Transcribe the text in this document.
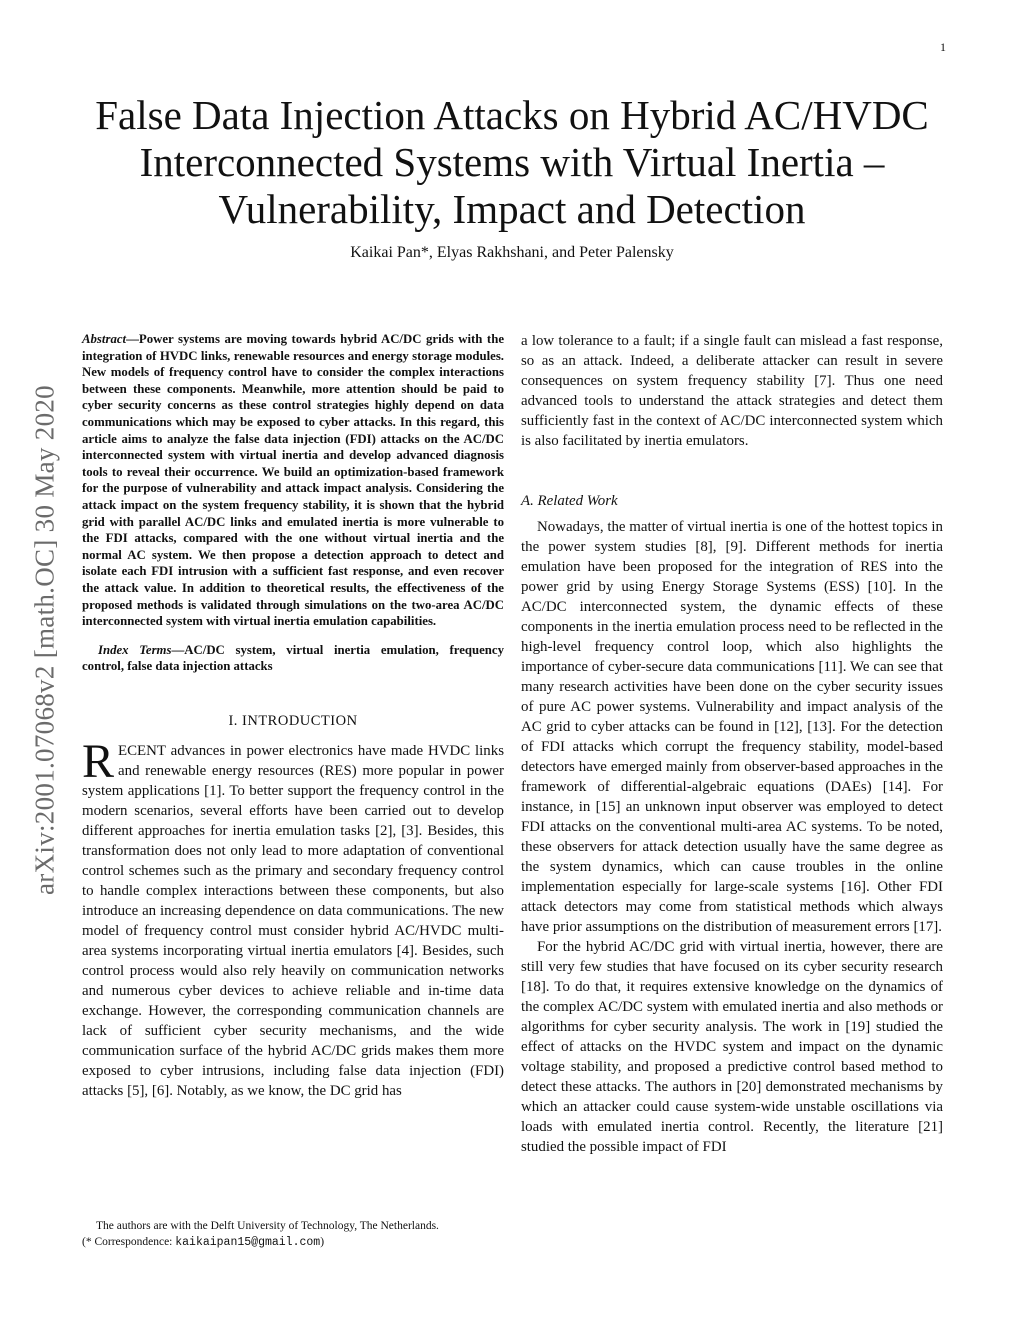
1
arXiv:2001.07068v2 [math.OC] 30 May 2020
False Data Injection Attacks on Hybrid AC/HVDC
Interconnected Systems with Virtual Inertia –
Vulnerability, Impact and Detection
Kaikai Pan*, Elyas Rakhshani, and Peter Palensky

Abstract—Power systems are moving towards hybrid AC/DC grids with the integration of HVDC links, renewable resources and energy storage modules. New models of frequency control have to consider the complex interactions between these components. Meanwhile, more attention should be paid to cyber security concerns as these control strategies highly depend on data communications which may be exposed to cyber attacks. In this regard, this article aims to analyze the false data injection (FDI) attacks on the AC/DC interconnected system with virtual inertia and develop advanced diagnosis tools to reveal their occurrence. We build an optimization-based framework for the purpose of vulnerability and attack impact analysis. Considering the attack impact on the system frequency stability, it is shown that the hybrid grid with parallel AC/DC links and emulated inertia is more vulnerable to the FDI attacks, compared with the one without virtual inertia and the normal AC system. We then propose a detection approach to detect and isolate each FDI intrusion with a sufficient fast response, and even recover the attack value. In addition to theoretical results, the effectiveness of the proposed methods is validated through simulations on the two-area AC/DC interconnected system with virtual inertia emulation capabilities.

Index Terms—AC/DC system, virtual inertia emulation, frequency control, false data injection attacks

I. INTRODUCTION

RECENT advances in power electronics have made HVDC links and renewable energy resources (RES) more popular in power system applications [1]. To better support the frequency control in the modern scenarios, several efforts have been carried out to develop different approaches for inertia emulation tasks [2], [3]. Besides, this transformation does not only lead to more adaptation of conventional control schemes such as the primary and secondary frequency control to handle complex interactions between these components, but also introduce an increasing dependence on data communications. The new model of frequency control must consider hybrid AC/HVDC multi-area systems incorporating virtual inertia emulators [4]. Besides, such control process would also rely heavily on communication networks and numerous cyber devices to achieve reliable and in-time data exchange. However, the corresponding communication channels are lack of sufficient cyber security mechanisms, and the wide communication surface of the hybrid AC/DC grids makes them more exposed to cyber intrusions, including false data injection (FDI) attacks [5], [6]. Notably, as we know, the DC grid has

a low tolerance to a fault; if a single fault can mislead a fast response, so as an attack. Indeed, a deliberate attacker can result in severe consequences on system frequency stability [7]. Thus one need advanced tools to understand the attack strategies and detect them sufficiently fast in the context of AC/DC interconnected system which is also facilitated by inertia emulators.

A. Related Work

Nowadays, the matter of virtual inertia is one of the hottest topics in the power system studies [8], [9]. Different methods for inertia emulation have been proposed for the integration of RES into the power grid by using Energy Storage Systems (ESS) [10]. In the AC/DC interconnected system, the dynamic effects of these components in the inertia emulation process need to be reflected in the high-level frequency control loop, which also highlights the importance of cyber-secure data communications [11]. We can see that many research activities have been done on the cyber security issues of pure AC power systems. Vulnerability and impact analysis of the AC grid to cyber attacks can be found in [12], [13]. For the detection of FDI attacks which corrupt the frequency stability, model-based detectors have emerged mainly from observer-based approaches in the framework of differential-algebraic equations (DAEs) [14]. For instance, in [15] an unknown input observer was employed to detect FDI attacks on the conventional multi-area AC systems. To be noted, these observers for attack detection usually have the same degree as the system dynamics, which can cause troubles in the online implementation especially for large-scale systems [16]. Other FDI attack detectors may come from statistical methods which always have prior assumptions on the distribution of measurement errors [17].

For the hybrid AC/DC grid with virtual inertia, however, there are still very few studies that have focused on its cyber security research [18]. To do that, it requires extensive knowledge on the dynamics of the complex AC/DC system with emulated inertia and also methods or algorithms for cyber security analysis. The work in [19] studied the effect of attacks on the HVDC system and impact on the dynamic voltage stability, and proposed a predictive control based method to detect these attacks. The authors in [20] demonstrated mechanisms by which an attacker could cause system-wide unstable oscillations via loads with emulated inertia control. Recently, the literature [21] studied the possible impact of FDI

The authors are with the Delft University of Technology, The Netherlands.

(* Correspondence: kaikaipan15@gmail.com)
